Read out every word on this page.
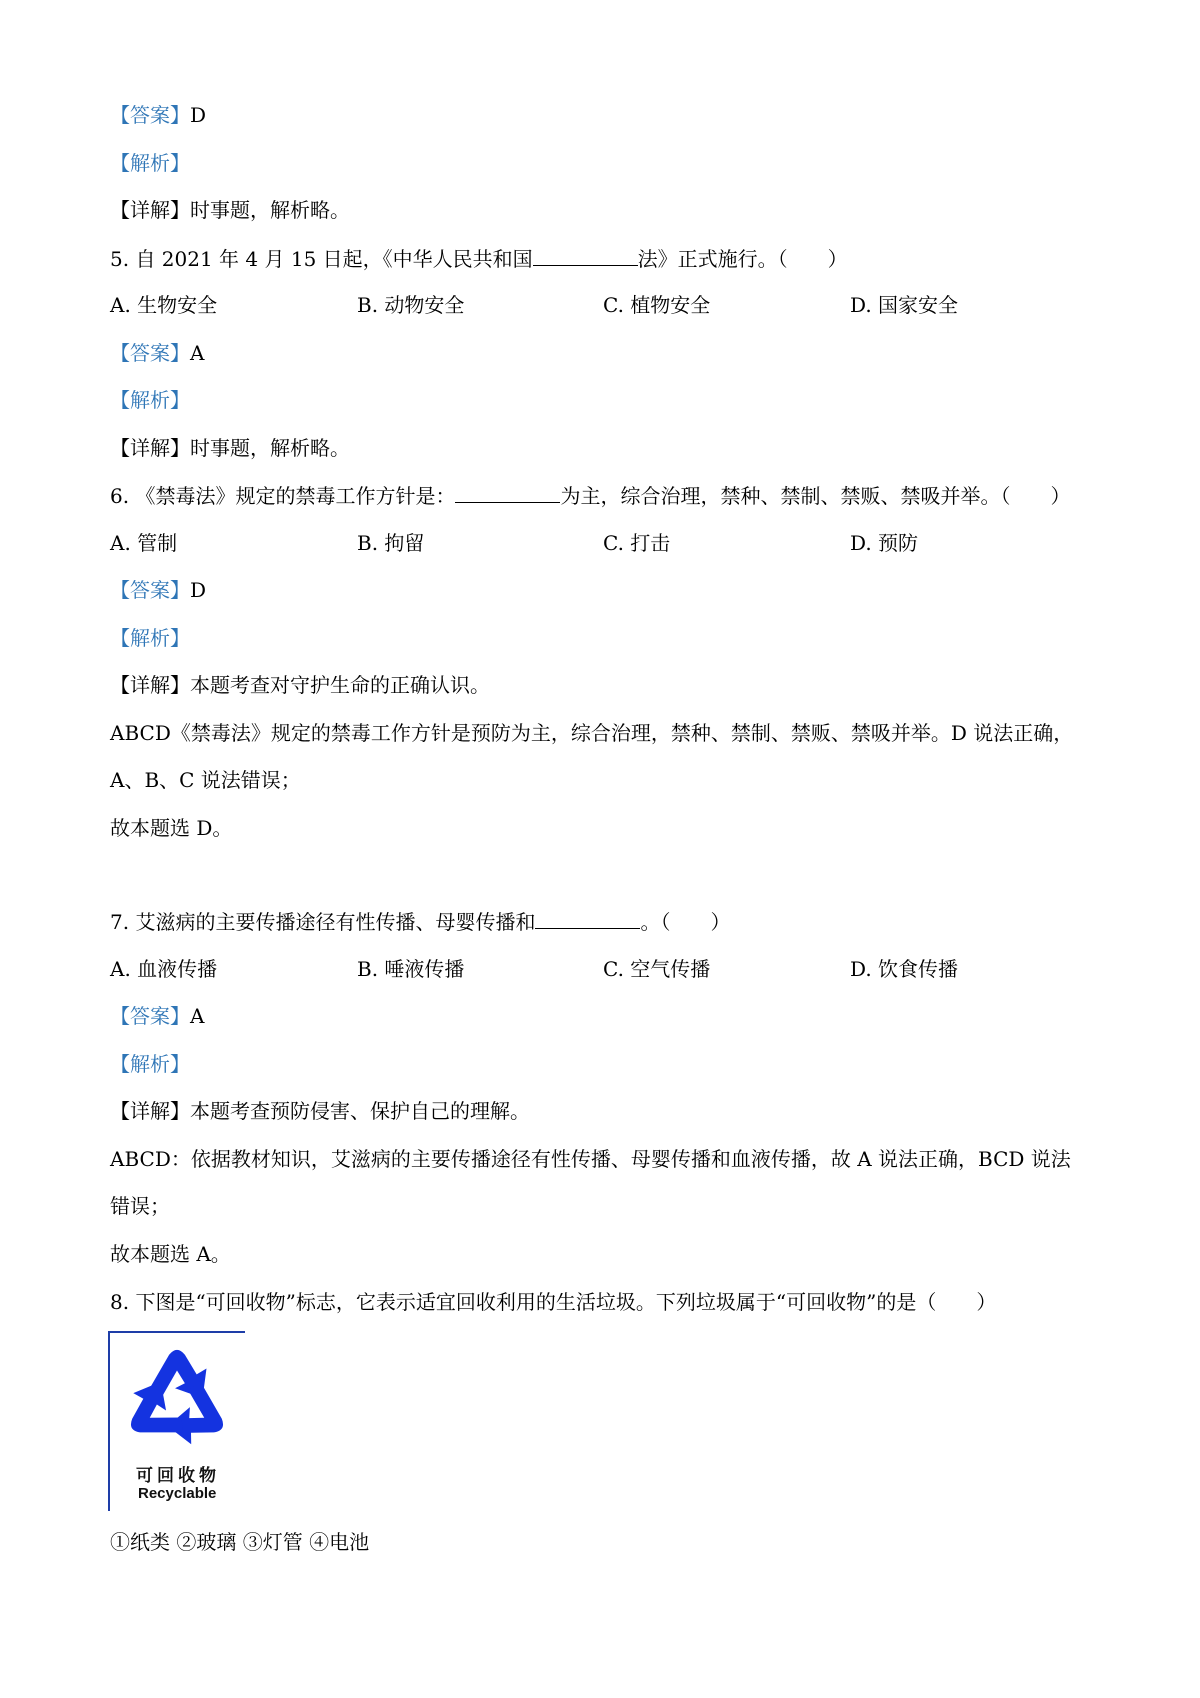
【答案】D
【解析】
【详解】时事题，解析略。
5. 自 2021 年 4 月 15 日起，《中华人民共和国	法》正式施行。（　　）
A. 生物安全	B. 动物安全	C. 植物安全	D. 国家安全
【答案】A
【解析】
【详解】时事题，解析略。
6. 《禁毒法》规定的禁毒工作方针是：	为主，综合治理，禁种、禁制、禁贩、禁吸并举。（　　）
A. 管制	B. 拘留	C. 打击	D. 预防
【答案】D
【解析】
【详解】本题考查对守护生命的正确认识。
ABCD《禁毒法》规定的禁毒工作方针是预防为主，综合治理，禁种、禁制、禁贩、禁吸并举。D 说法正确，
A、B、C 说法错误；
故本题选 D。
7. 艾滋病的主要传播途径有性传播、母婴传播和	。（　　）
A. 血液传播	B. 唾液传播	C. 空气传播	D. 饮食传播
【答案】A
【解析】
【详解】本题考查预防侵害、保护自己的理解。
ABCD：依据教材知识，艾滋病的主要传播途径有性传播、母婴传播和血液传播，故 A 说法正确，BCD 说法
错误；
故本题选 A。
8. 下图是“可回收物”标志，它表示适宜回收利用的生活垃圾。下列垃圾属于“可回收物”的是（　　）
可回收物
Recyclable
①纸类 ②玻璃 ③灯管 ④电池
